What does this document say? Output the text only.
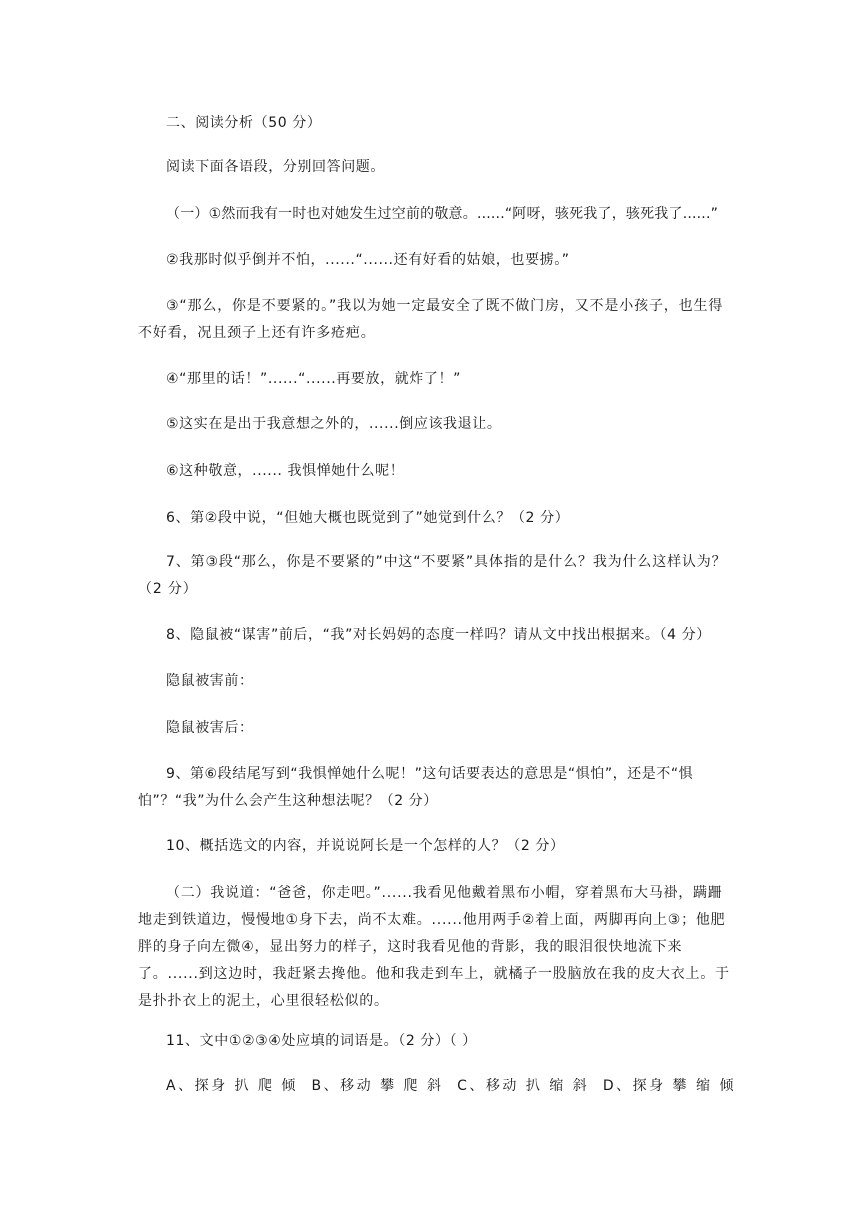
二、阅读分析（50 分）

阅读下面各语段，分别回答问题。

（一）①然而我有一时也对她发生过空前的敬意。......“阿呀，骇死我了，骇死我了......”

②我那时似乎倒并不怕，......“......还有好看的姑娘，也要掳。”

③“那么，你是不要紧的。”我以为她一定最安全了既不做门房，又不是小孩子，也生得不好看，况且颈子上还有许多疮疤。

④“那里的话！”......“......再要放，就炸了！”

⑤这实在是出于我意想之外的，......倒应该我退让。

⑥这种敬意，...... 我惧惮她什么呢！

6、第②段中说，“但她大概也既觉到了”她觉到什么？（2 分）

7、第③段“那么，你是不要紧的”中这“不要紧”具体指的是什么？我为什么这样认为？（2 分）

8、隐鼠被“谋害”前后，“我”对长妈妈的态度一样吗？请从文中找出根据来。（4 分）

隐鼠被害前：

隐鼠被害后：

9、第⑥段结尾写到“我惧惮她什么呢！”这句话要表达的意思是“惧怕”，还是不“惧怕”？“我”为什么会产生这种想法呢？（2 分）

10、概括选文的内容，并说说阿长是一个怎样的人？（2 分）

（二）我说道：“爸爸，你走吧。”......我看见他戴着黑布小帽，穿着黑布大马褂，蹒跚地走到铁道边，慢慢地①身下去，尚不太难。......他用两手②着上面，两脚再向上③；他肥胖的身子向左微④，显出努力的样子，这时我看见他的背影，我的眼泪很快地流下来了。......到这边时，我赶紧去搀他。他和我走到车上，就橘子一股脑放在我的皮大衣上。于是扑扑衣上的泥土，心里很轻松似的。

11、文中①②③④处应填的词语是。（2 分）（ ）

A、探身 扒 爬 倾 B、移动 攀 爬 斜 C、移动 扒 缩 斜 D、探身 攀 缩 倾
